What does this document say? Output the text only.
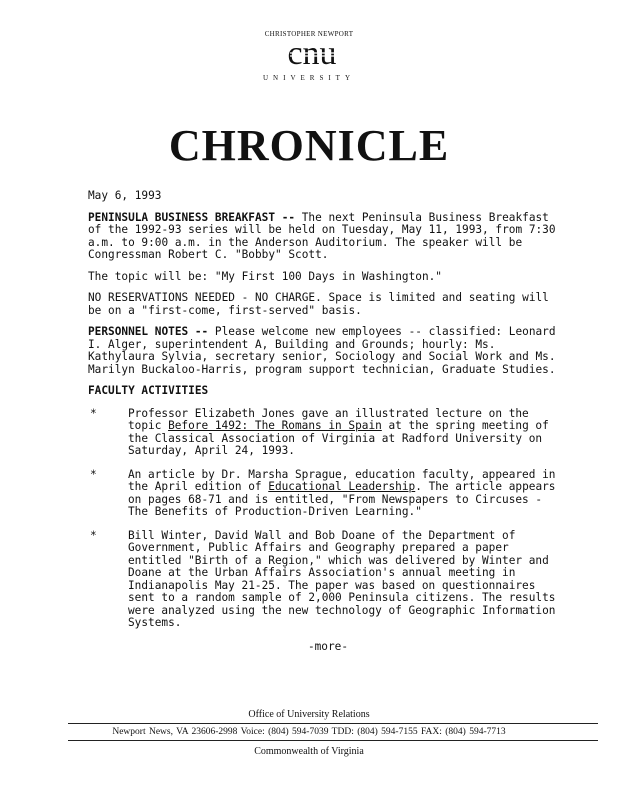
CHRISTOPHER NEWPORT
cnu
UNIVERSITY
CHRONICLE

May 6, 1993

PENINSULA BUSINESS BREAKFAST -- The next Peninsula Business Breakfast of the 1992-93 series will be held on Tuesday, May 11, 1993, from 7:30 a.m. to 9:00 a.m. in the Anderson Auditorium. The speaker will be Congressman Robert C. "Bobby" Scott.

The topic will be: "My First 100 Days in Washington."

NO RESERVATIONS NEEDED - NO CHARGE. Space is limited and seating will be on a "first-come, first-served" basis.

PERSONNEL NOTES -- Please welcome new employees -- classified: Leonard I. Alger, superintendent A, Building and Grounds; hourly: Ms. Kathylaura Sylvia, secretary senior, Sociology and Social Work and Ms. Marilyn Buckaloo-Harris, program support technician, Graduate Studies.

FACULTY ACTIVITIES
*	Professor Elizabeth Jones gave an illustrated lecture on the topic Before 1492: The Romans in Spain at the spring meeting of the Classical Association of Virginia at Radford University on Saturday, April 24, 1993.
*	An article by Dr. Marsha Sprague, education faculty, appeared in the April edition of Educational Leadership. The article appears on pages 68-71 and is entitled, "From Newspapers to Circuses - The Benefits of Production-Driven Learning."
*	Bill Winter, David Wall and Bob Doane of the Department of Government, Public Affairs and Geography prepared a paper entitled "Birth of a Region," which was delivered by Winter and Doane at the Urban Affairs Association's annual meeting in Indianapolis May 21-25. The paper was based on questionnaires sent to a random sample of 2,000 Peninsula citizens. The results were analyzed using the new technology of Geographic Information Systems.
-more-
Office of University Relations
Newport News, VA 23606-2998 Voice: (804) 594-7039 TDD: (804) 594-7155 FAX: (804) 594-7713
Commonwealth of Virginia
